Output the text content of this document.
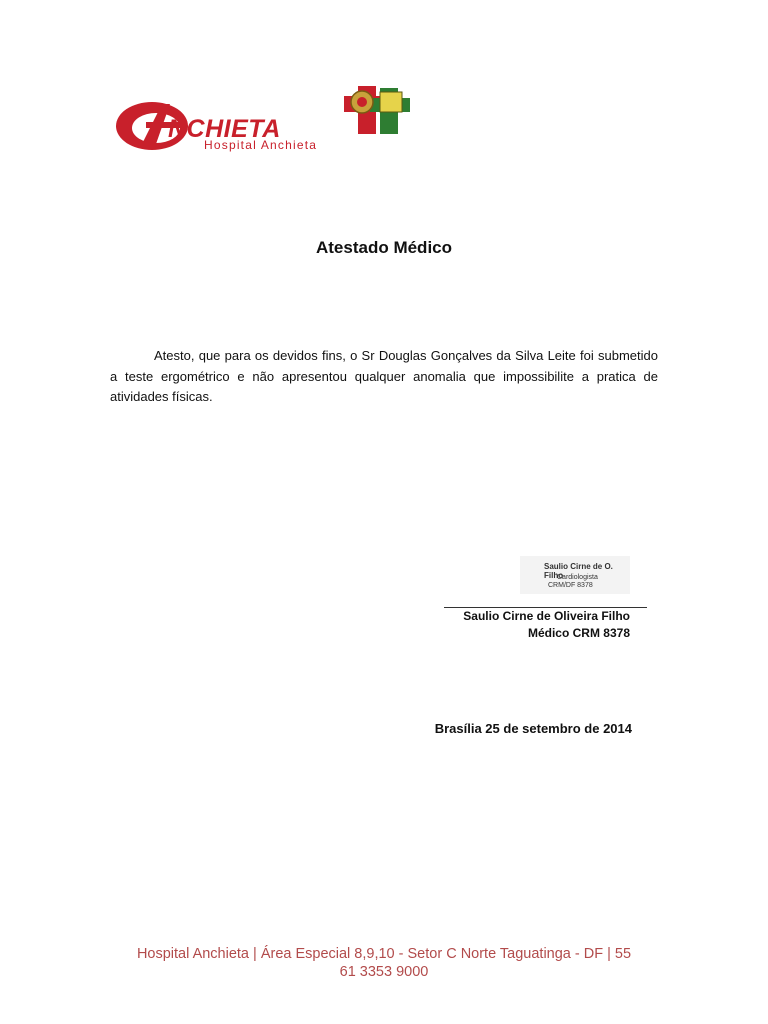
NCHIETA
Hospital Anchieta
Atestado Médico

Atesto, que para os devidos fins, o Sr Douglas Gonçalves da Silva Leite foi submetido a teste ergométrico e não apresentou qualquer anomalia que impossibilite a pratica de atividades físicas.

Saulio Cirne de O. Filho
Cardiologista
CRM/DF 8378
Saulio Cirne de Oliveira Filho
Médico CRM 8378
Brasília 25 de setembro de 2014
Hospital Anchieta | Área Especial 8,9,10 - Setor C Norte Taguatinga - DF | 55
61 3353 9000
